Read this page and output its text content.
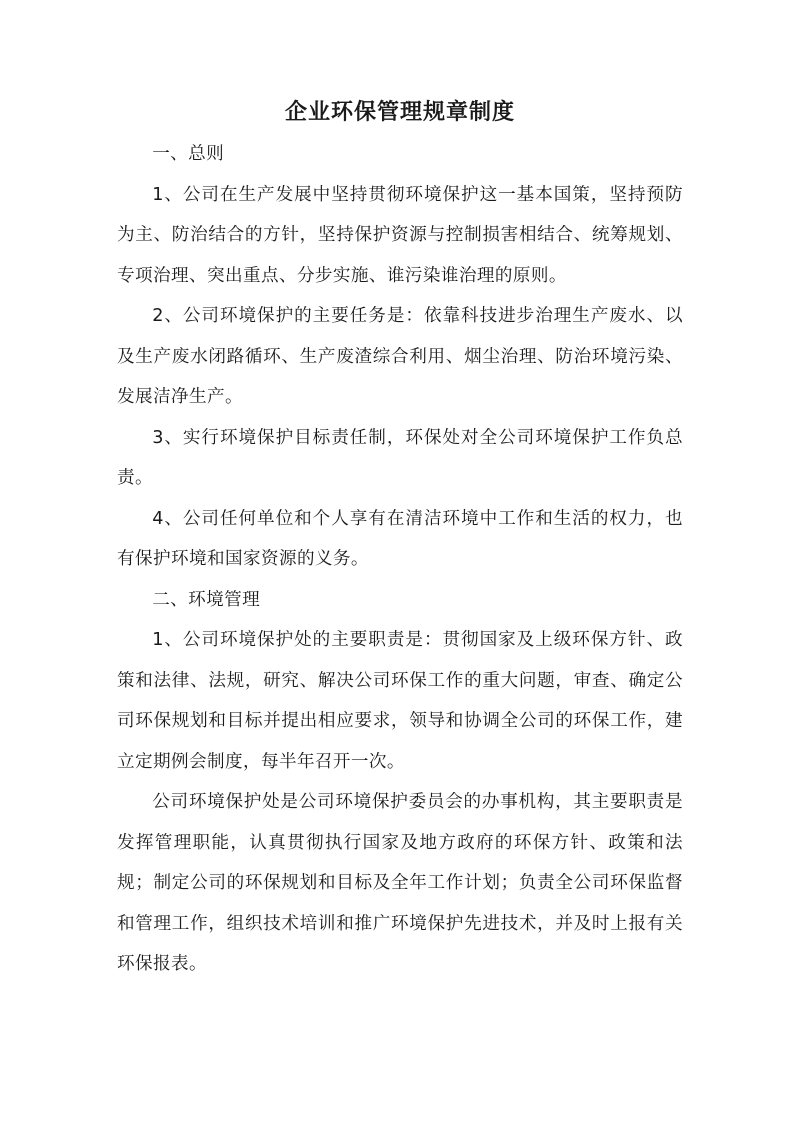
企业环保管理规章制度

一、总则

1、公司在生产发展中坚持贯彻环境保护这一基本国策，坚持预防为主、防治结合的方针，坚持保护资源与控制损害相结合、统筹规划、专项治理、突出重点、分步实施、谁污染谁治理的原则。

2、公司环境保护的主要任务是：依靠科技进步治理生产废水、以及生产废水闭路循环、生产废渣综合利用、烟尘治理、防治环境污染、发展洁净生产。

3、实行环境保护目标责任制，环保处对全公司环境保护工作负总责。

4、公司任何单位和个人享有在清洁环境中工作和生活的权力，也有保护环境和国家资源的义务。

二、环境管理

1、公司环境保护处的主要职责是：贯彻国家及上级环保方针、政策和法律、法规，研究、解决公司环保工作的重大问题，审查、确定公司环保规划和目标并提出相应要求，领导和协调全公司的环保工作，建立定期例会制度，每半年召开一次。

公司环境保护处是公司环境保护委员会的办事机构，其主要职责是发挥管理职能，认真贯彻执行国家及地方政府的环保方针、政策和法规；制定公司的环保规划和目标及全年工作计划；负责全公司环保监督和管理工作，组织技术培训和推广环境保护先进技术，并及时上报有关环保报表。
